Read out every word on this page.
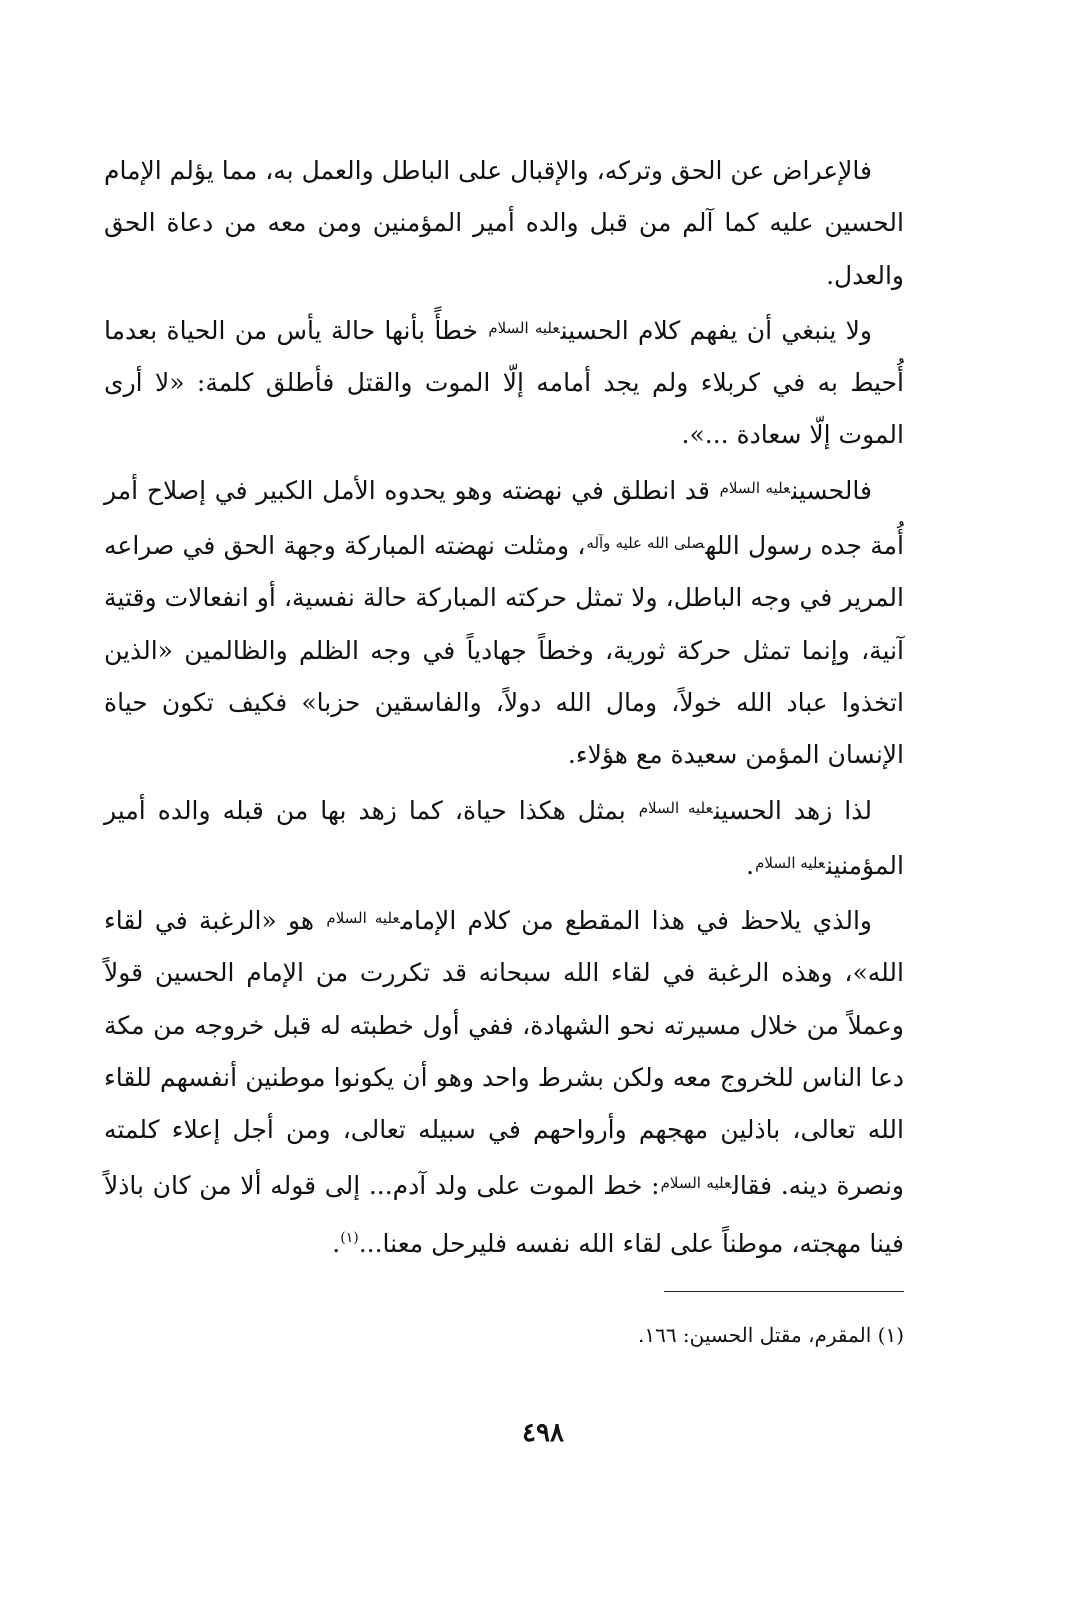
فالإعراض عن الحق وتركه، والإقبال على الباطل والعمل به، مما يؤلم الإمام الحسين عليه كما آلم من قبل والده أمير المؤمنين ومن معه من دعاة الحق والعدل.

ولا ينبغي أن يفهم كلام الحسين$^{عليه السلام}$ خطأً بأنها حالة يأس من الحياة بعدما أُحيط به في كربلاء ولم يجد أمامه إلّا الموت والقتل فأطلق كلمة: «لا أرى الموت إلّا سعادة ...».

فالحسين$^{عليه السلام}$ قد انطلق في نهضته وهو يحدوه الأمل الكبير في إصلاح أمر أُمة جده رسول الله$^{صلى الله عليه وآله}$، ومثلت نهضته المباركة وجهة الحق في صراعه المرير في وجه الباطل، ولا تمثل حركته المباركة حالة نفسية، أو انفعالات وقتية آنية، وإنما تمثل حركة ثورية، وخطاً جهادياً في وجه الظلم والظالمين «الذين اتخذوا عباد الله خولاً، ومال الله دولاً، والفاسقين حزبا» فكيف تكون حياة الإنسان المؤمن سعيدة مع هؤلاء.

لذا زهد الحسين$^{عليه السلام}$ بمثل هكذا حياة، كما زهد بها من قبله والده أمير المؤمنين$^{عليه السلام}$.

والذي يلاحظ في هذا المقطع من كلام الإمام$^{عليه السلام}$ هو «الرغبة في لقاء الله»، وهذه الرغبة في لقاء الله سبحانه قد تكررت من الإمام الحسين قولاً وعملاً من خلال مسيرته نحو الشهادة، ففي أول خطبته له قبل خروجه من مكة دعا الناس للخروج معه ولكن بشرط واحد وهو أن يكونوا موطنين أنفسهم للقاء الله تعالى، باذلين مهجهم وأرواحهم في سبيله تعالى، ومن أجل إعلاء كلمته ونصرة دينه. فقال$^{عليه السلام}$: خط الموت على ولد آدم... إلى قوله ألا من كان باذلاً فينا مهجته، موطناً على لقاء الله نفسه فليرحل معنا...$^{(١)}$.

(١) المقرم، مقتل الحسين: ١٦٦.
٤٩٨
